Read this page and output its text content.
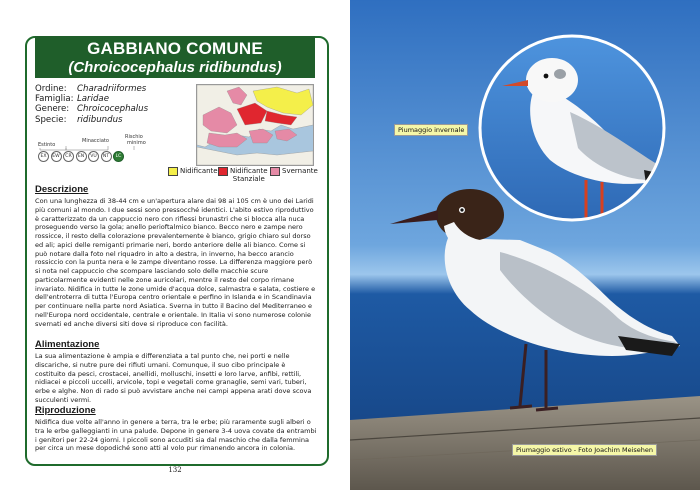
GABBIANO COMUNE
(Chroicocephalus ridibundus)
Ordine:	Charadriiformes
Famiglia: Laridae
Genere: Chroicocephalus
Specie:	ridibundus
Estinto
Minacciato
Rischio
minimo
EX	EW	CR	EN	VU	NT	LC
Nidificante Nidificante
Stanziale
Svernante
Descrizione
Con una lunghezza di 38-44 cm e un'apertura alare dai 98 ai 105 cm è uno dei Laridi più comuni al mondo. I due sessi sono pressocché identici. L'abito estivo riproduttivo è caratterizzato da un cappuccio nero con riflessi brunastri che si blocca alla nuca proseguendo verso la gola; anello perioftalmico bianco. Becco nero e zampe nero rossicce, il resto della colorazione prevalentemente è bianco, grigio chiaro sul dorso ed ali; apici delle remiganti primarie neri, bordo anteriore delle ali bianco. Come si può notare dalla foto nel riquadro in alto a destra, in inverno, ha becco arancio rossiccio con la punta nera e le zampe diventano rosse. La differenza maggiore però si nota nel cappuccio che scompare lasciando solo delle macchie scure particolarmente evidenti nelle zone auricolari, mentre il resto del corpo rimane invariato. Nidifica in tutte le zone umide d'acqua dolce, salmastra e salata, costiere e dell'entroterra di tutta l'Europa centro orientale e perfino in Islanda e in Scandinavia per continuare nella parte nord Asiatica. Sverna in tutto il Bacino del Mediterraneo e nell'Europa nord occidentale, centrale e orientale. In Italia vi sono numerose colonie svernati ed anche diversi siti dove si riproduce con facilità.
Alimentazione
La sua alimentazione è ampia e differenziata a tal punto che, nei porti e nelle discariche, si nutre pure dei rifiuti umani. Comunque, il suo cibo principale è costituito da pesci, crostacei, anellidi, molluschi, insetti e loro larve, anfibi, rettili, nidiacei e piccoli uccelli, arvicole, topi e vegetali come granaglie, semi vari, tuberi, erbe e alghe. Non di rado si può avvistare anche nei campi appena arati dove scova succulenti vermi.
Riproduzione
Nidifica due volte all'anno in genere a terra, tra le erbe; più raramente sugli alberi o tra le erbe galleggianti in una palude. Depone in genere 3-4 uova covate da entrambi i genitori per 22-24 giorni. I piccoli sono accuditi sia dal maschio che dalla femmina per circa un mese dopodiché sono atti al volo pur rimanendo ancora in colonia.
132
Piumaggio invernale
Piumaggio estivo - Foto Joachim Meisehen
